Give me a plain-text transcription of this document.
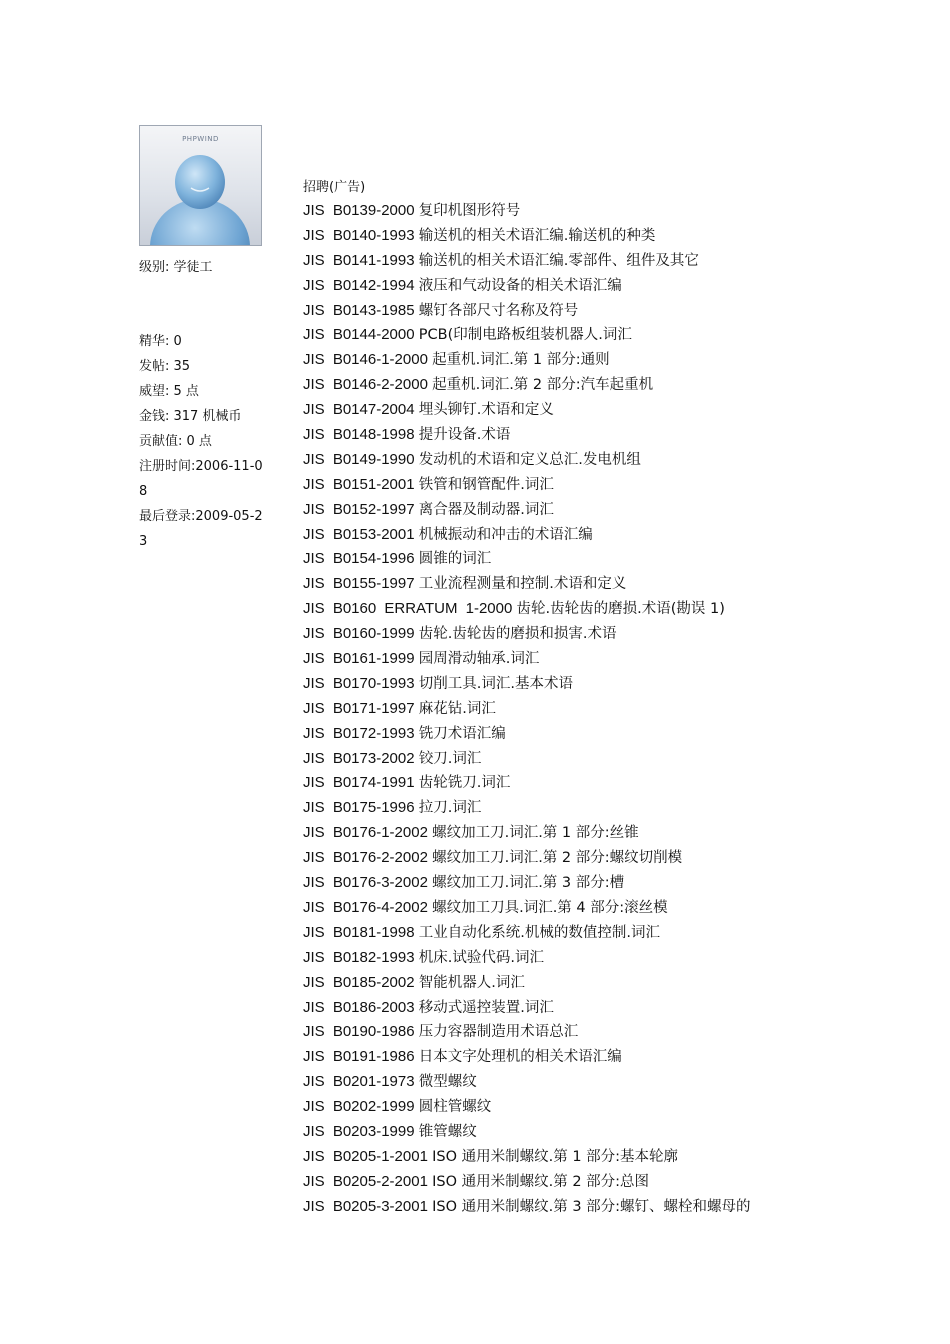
PHPWIND
级别: 学徒工
精华: 0
发帖: 35
威望: 5 点
金钱: 317 机械币
贡献值: 0 点
注册时间:2006-11-0
8
最后登录:2009-05-2
3
招聘(广告)
JIS B0139-2000 复印机图形符号
JIS B0140-1993 输送机的相关术语汇编.输送机的种类
JIS B0141-1993 输送机的相关术语汇编.零部件、组件及其它
JIS B0142-1994 液压和气动设备的相关术语汇编
JIS B0143-1985 螺钉各部尺寸名称及符号
JIS B0144-2000 PCB(印制电路板组装机器人.词汇
JIS B0146-1-2000 起重机.词汇.第 1 部分:通则
JIS B0146-2-2000 起重机.词汇.第 2 部分:汽车起重机
JIS B0147-2004 埋头铆钉.术语和定义
JIS B0148-1998 提升设备.术语
JIS B0149-1990 发动机的术语和定义总汇.发电机组
JIS B0151-2001 铁管和钢管配件.词汇
JIS B0152-1997 离合器及制动器.词汇
JIS B0153-2001 机械振动和冲击的术语汇编
JIS B0154-1996 圆锥的词汇
JIS B0155-1997 工业流程测量和控制.术语和定义
JIS B0160 ERRATUM 1-2000 齿轮.齿轮齿的磨损.术语(勘误 1)
JIS B0160-1999 齿轮.齿轮齿的磨损和损害.术语
JIS B0161-1999 园周滑动轴承.词汇
JIS B0170-1993 切削工具.词汇.基本术语
JIS B0171-1997 麻花钻.词汇
JIS B0172-1993 铣刀术语汇编
JIS B0173-2002 铰刀.词汇
JIS B0174-1991 齿轮铣刀.词汇
JIS B0175-1996 拉刀.词汇
JIS B0176-1-2002 螺纹加工刀.词汇.第 1 部分:丝锥
JIS B0176-2-2002 螺纹加工刀.词汇.第 2 部分:螺纹切削模
JIS B0176-3-2002 螺纹加工刀.词汇.第 3 部分:槽
JIS B0176-4-2002 螺纹加工刀具.词汇.第 4 部分:滚丝模
JIS B0181-1998 工业自动化系统.机械的数值控制.词汇
JIS B0182-1993 机床.试验代码.词汇
JIS B0185-2002 智能机器人.词汇
JIS B0186-2003 移动式遥控装置.词汇
JIS B0190-1986 压力容器制造用术语总汇
JIS B0191-1986 日本文字处理机的相关术语汇编
JIS B0201-1973 微型螺纹
JIS B0202-1999 圆柱管螺纹
JIS B0203-1999 锥管螺纹
JIS B0205-1-2001 ISO 通用米制螺纹.第 1 部分:基本轮廓
JIS B0205-2-2001 ISO 通用米制螺纹.第 2 部分:总图
JIS B0205-3-2001 ISO 通用米制螺纹.第 3 部分:螺钉、螺栓和螺母的
